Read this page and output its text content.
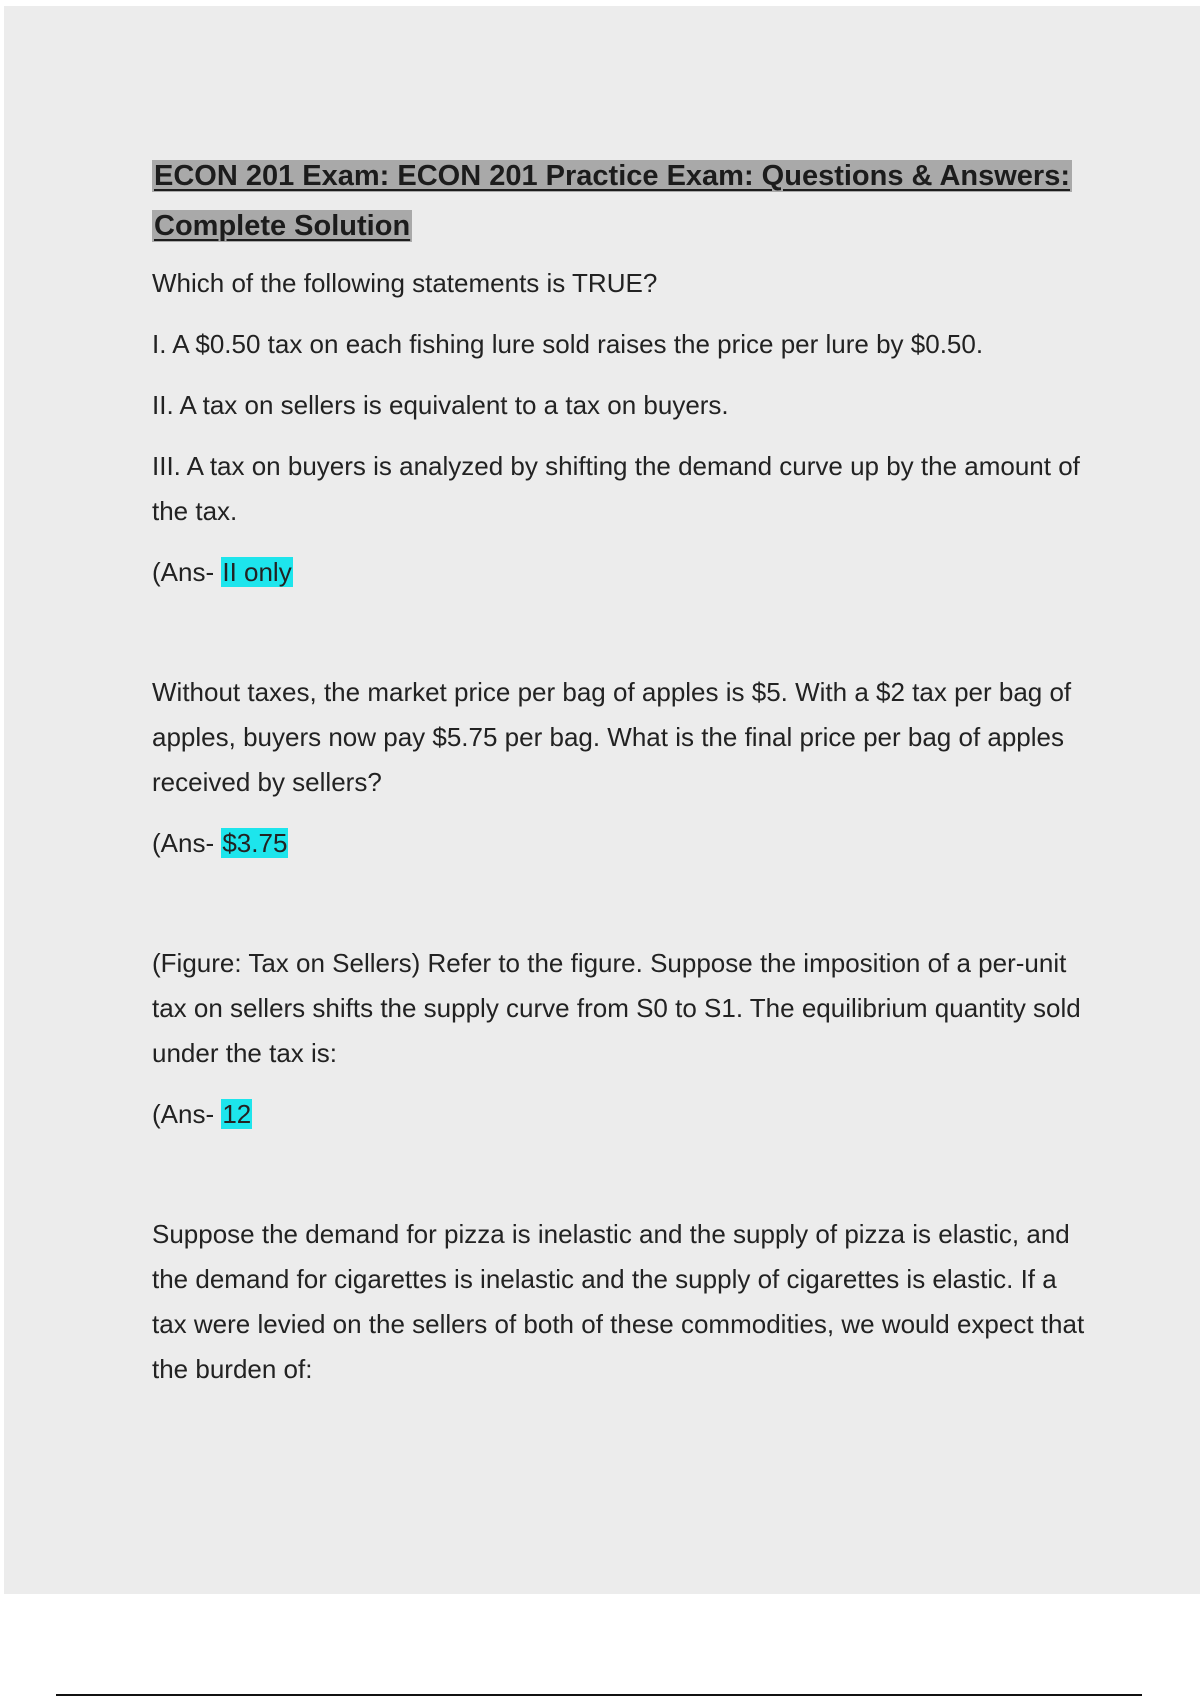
ECON 201 Exam: ECON 201 Practice Exam: Questions & Answers: Complete Solution

Which of the following statements is TRUE?

I. A $0.50 tax on each fishing lure sold raises the price per lure by $0.50.

II. A tax on sellers is equivalent to a tax on buyers.

III. A tax on buyers is analyzed by shifting the demand curve up by the amount of the tax.

(Ans- II only

Without taxes, the market price per bag of apples is $5. With a $2 tax per bag of apples, buyers now pay $5.75 per bag. What is the final price per bag of apples received by sellers?

(Ans- $3.75

(Figure: Tax on Sellers) Refer to the figure. Suppose the imposition of a per-unit tax on sellers shifts the supply curve from S0 to S1. The equilibrium quantity sold under the tax is:

(Ans- 12

Suppose the demand for pizza is inelastic and the supply of pizza is elastic, and the demand for cigarettes is inelastic and the supply of cigarettes is elastic. If a tax were levied on the sellers of both of these commodities, we would expect that the burden of:
